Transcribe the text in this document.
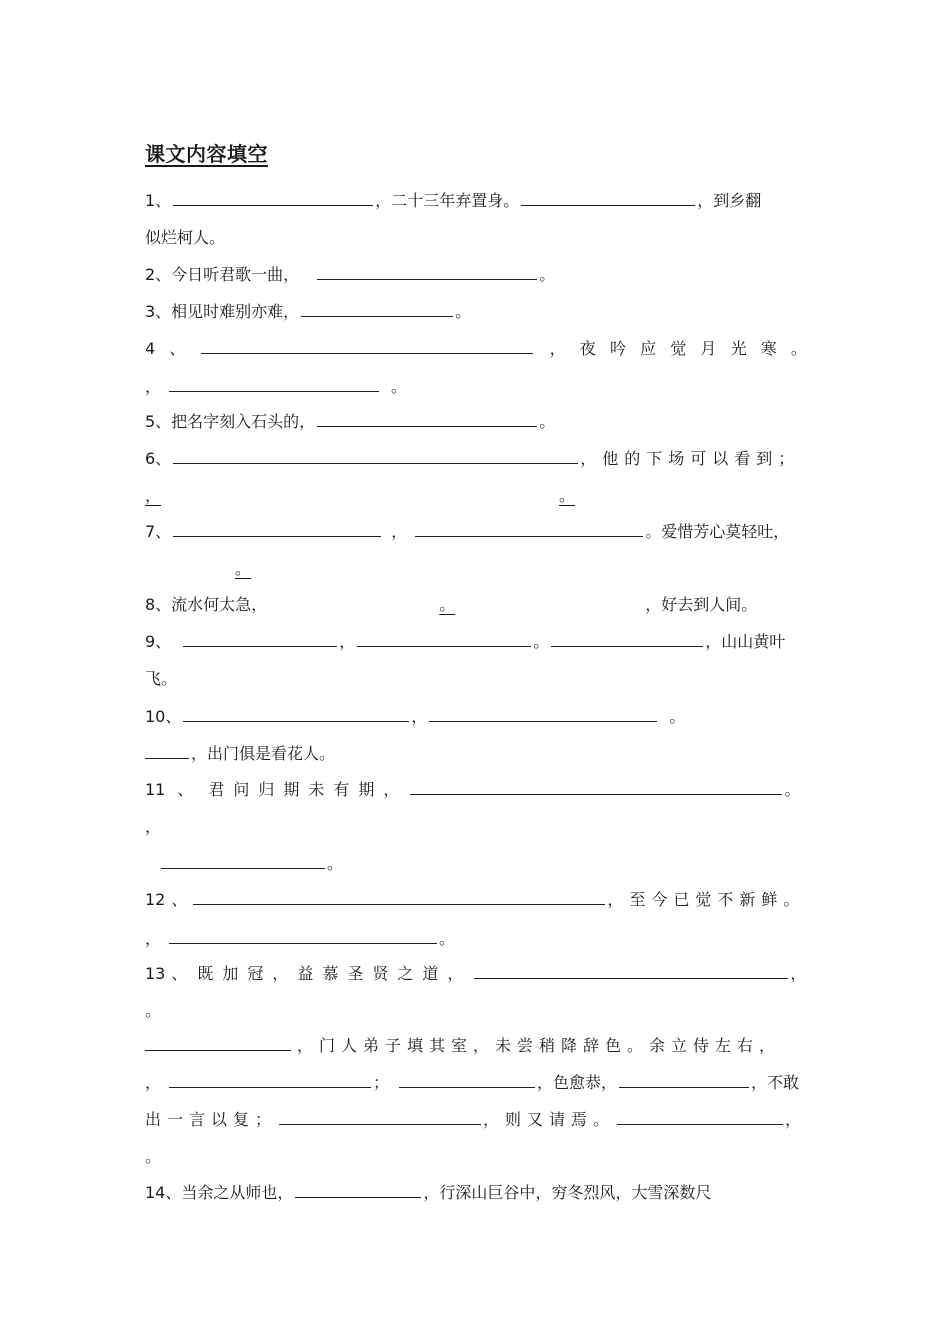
课文内容填空
1、	，二十三年弃置身。	，到乡翻
似烂柯人。
2、今日听君歌一曲，	。
3、相见时难别亦难，	。
4 、	， 夜 吟 应 觉 月 光 寒 。
，	。
5、把名字刻入石头的，	。
6、	，他的下场可以看到；
，	。
7、	，	。爱惜芳心莫轻吐，
。
8、流水何太急，	。	，好去到人间。
9、	，	。	，山山黄叶
飞。
10、	，	。
，出门俱是看花人。
11 、 君问归期未有期，	。
，
。
12 、	，至今已觉不新鲜。
，	。
13 、 既加冠，益慕圣贤之道，	，
。
，门人弟子填其室，未尝稍降辞色。余立侍左右，
，	；	，色愈恭，	，不敢
出一言以复；	，则又请焉。	，
。
14、当余之从师也，	，行深山巨谷中，穷冬烈风，大雪深数尺
